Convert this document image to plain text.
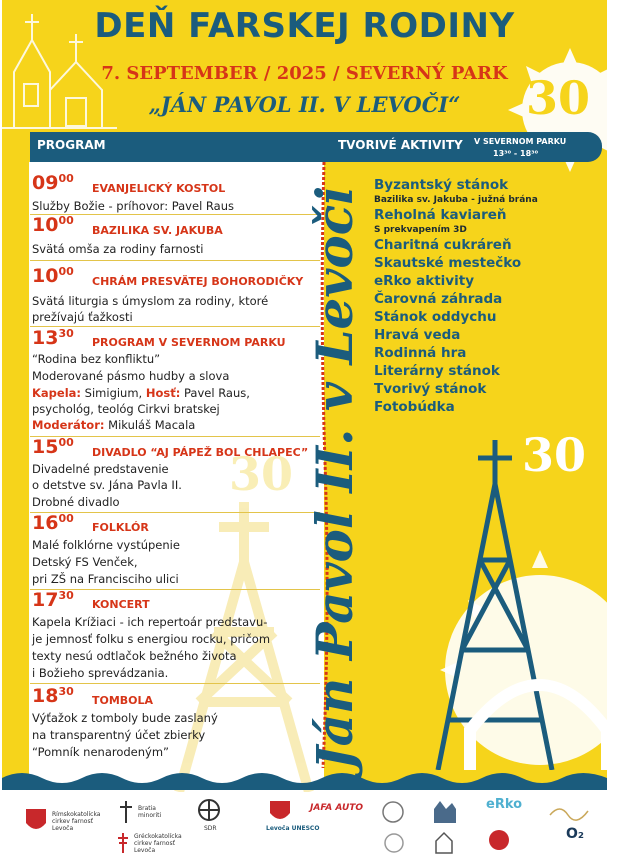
30
DEŇ FARSKEJ RODINY
7. SEPTEMBER / 2025 / SEVERNÝ PARK
„JÁN PAVOL II. V LEVOČI“
30
PROGRAM	TVORIVÉ AKTIVITY V SEVERNOM PARKU
13³⁰ - 18³⁰
$09^{00}$
EVANJELICKÝ KOSTOL
Služby Božie - príhovor: Pavel Raus
$10^{00}$
BAZILIKA SV. JAKUBA
Svätá omša za rodiny farnosti
$10^{00}$
CHRÁM PRESVÄTEJ BOHORODIČKY
Svätá liturgia s úmyslom za rodiny, ktoré
prežívajú ťažkosti
$13^{30}$
PROGRAM V SEVERNOM PARKU
“Rodina bez konfliktu”
Moderované pásmo hudby a slova
Kapela: Simigium, Hosť: Pavel Raus,
psychológ, teológ Cirkvi bratskej
Moderátor: Mikuláš Macala
$15^{00}$
DIVADLO “AJ PÁPEŽ BOL CHLAPEC”
Divadelné predstavenie
o detstve sv. Jána Pavla II.
Drobné divadlo
$16^{00}$
FOLKLÓR
Malé folklórne vystúpenie
Detský FS Venček,
pri ZŠ na Francisciho ulici
$17^{30}$
KONCERT
Kapela Krížiaci - ich repertoár predstavu-
je jemnosť folku s energiou rocku, pričom
texty nesú odtlačok bežného života
i Božieho sprevádzania.
$18^{30}$
TOMBOLA
Výťažok z tomboly bude zaslaný
na transparentný účet zbierky
“Pomník nenarodeným”
Byzantský stánok
Bazilika sv. Jakuba - južná brána
Reholná kaviareň
S prekvapením 3D
Charitná cukráreň
Skautské mestečko
eRko aktivity
Čarovná záhrada
Stánok oddychu
Hravá veda
Rodinná hra
Literárny stánok
Tvorivý stánok
Fotobúdka
30
Ján Pavol II. v Levoči
Rímskokatolícka cirkev farnosť Levoča
Bratia minoriti
Gréckokatolícka cirkev farnosť Levoča
SDR	Levoča UNESCO
JAFA AUTO	eRko
O₂
